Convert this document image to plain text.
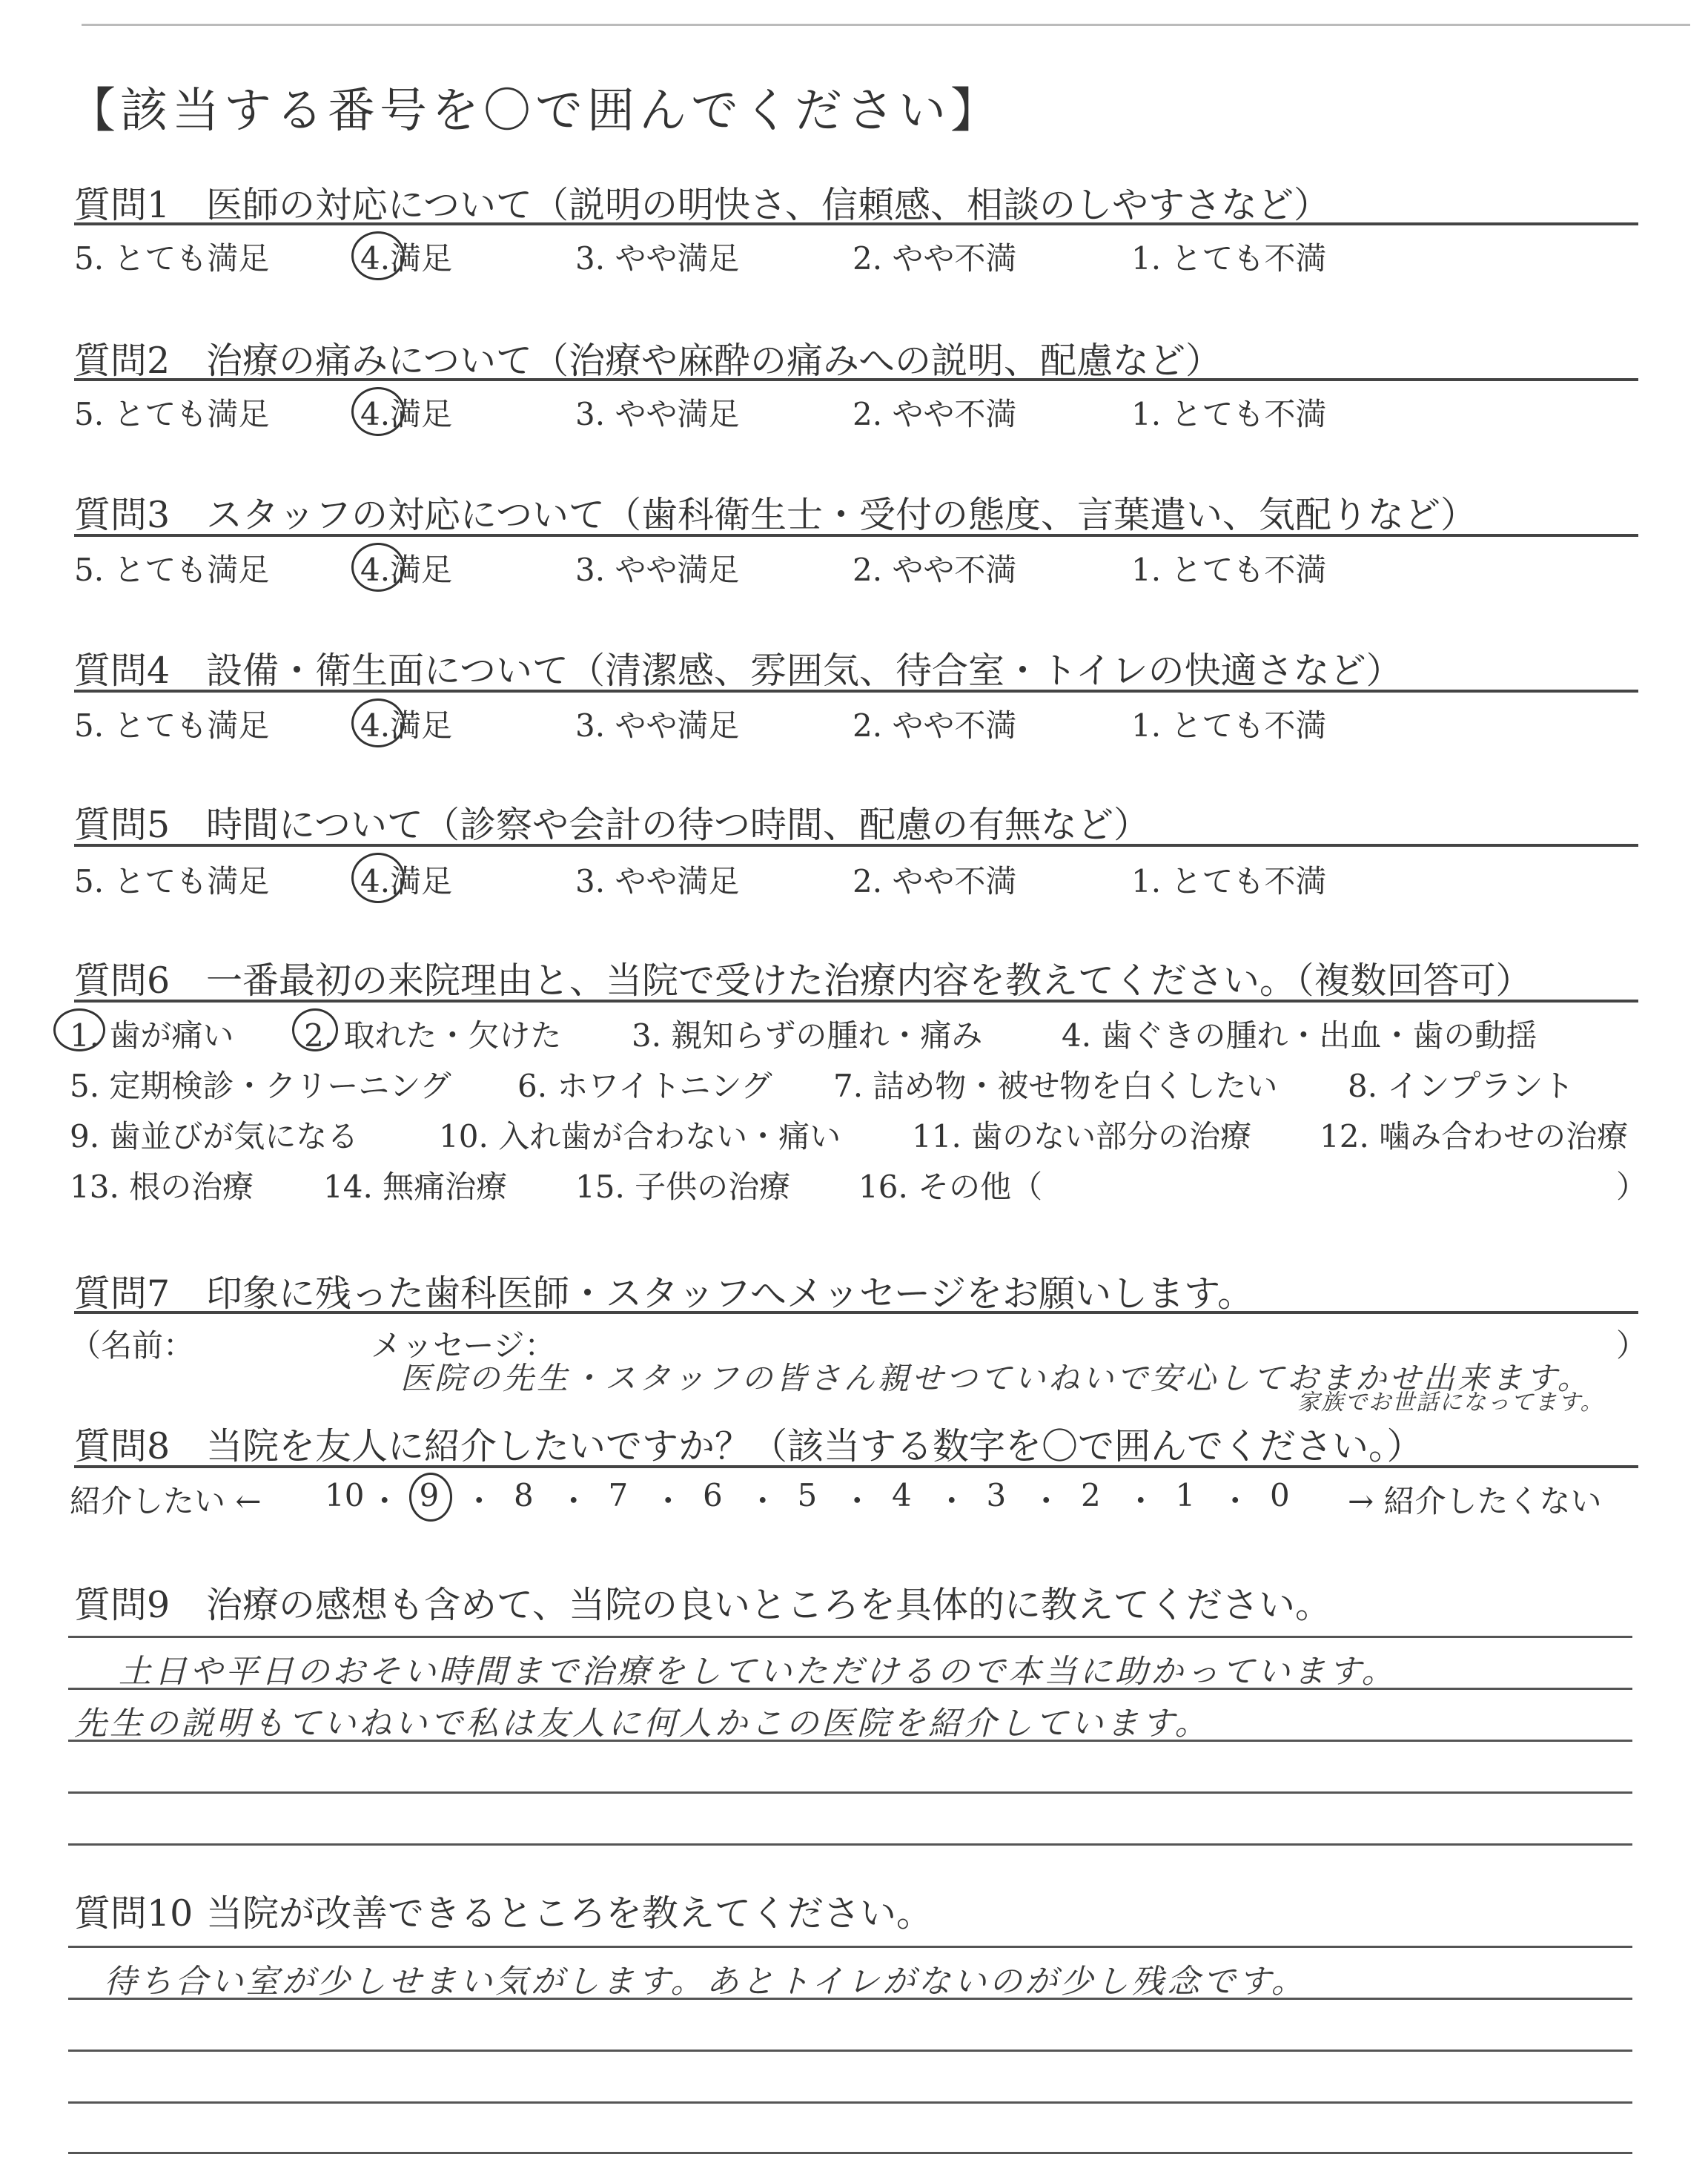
【該当する番号を〇で囲んでください】
質問1 医師の対応について（説明の明快さ、信頼感、相談のしやすさなど）
5. とても満足	4.満足	3. やや満足	2. やや不満	1. とても不満
質問2 治療の痛みについて（治療や麻酔の痛みへの説明、配慮など）
5. とても満足	4.満足	3. やや満足	2. やや不満	1. とても不満
質問3 スタッフの対応について（歯科衛生士・受付の態度、言葉遣い、気配りなど）
5. とても満足	4.満足	3. やや満足	2. やや不満	1. とても不満
質問4 設備・衛生面について（清潔感、雰囲気、待合室・トイレの快適さなど）
5. とても満足	4.満足	3. やや満足	2. やや不満	1. とても不満
質問5 時間について（診察や会計の待つ時間、配慮の有無など）
5. とても満足	4.満足	3. やや満足	2. やや不満	1. とても不満
質問6 一番最初の来院理由と、当院で受けた治療内容を教えてください。（複数回答可）
1. 歯が痛い 2. 取れた・欠けた 3. 親知らずの腫れ・痛み	4. 歯ぐきの腫れ・出血・歯の動揺
5. 定期検診・クリーニング 6. ホワイトニング 7. 詰め物・被せ物を白くしたい 8. インプラント
9. 歯並びが気になる	10. 入れ歯が合わない・痛い 11. 歯のない部分の治療 12. 噛み合わせの治療
13. 根の治療 14. 無痛治療 15. 子供の治療 16. その他（	）
質問7 印象に残った歯科医師・スタッフへメッセージをお願いします。
（名前：	メッセージ：	）
医院の先生・スタッフの皆さん親せつていねいで安心しておまかせ出来ます。
家族でお世話になってます。
質問8 当院を友人に紹介したいですか？（該当する数字を〇で囲んでください。）
紹介したい ← 10 ・ 9 ・ 8 ・ 7 ・ 6 ・ 5 ・ 4 ・ 3 ・ 2 ・ 1 ・ 0 → 紹介したくない
質問9 治療の感想も含めて、当院の良いところを具体的に教えてください。
土日や平日のおそい時間まで治療をしていただけるので本当に助かっています。
先生の説明もていねいで私は友人に何人かこの医院を紹介しています。
質問10 当院が改善できるところを教えてください。
待ち合い室が少しせまい気がします。あとトイレがないのが少し残念です。
